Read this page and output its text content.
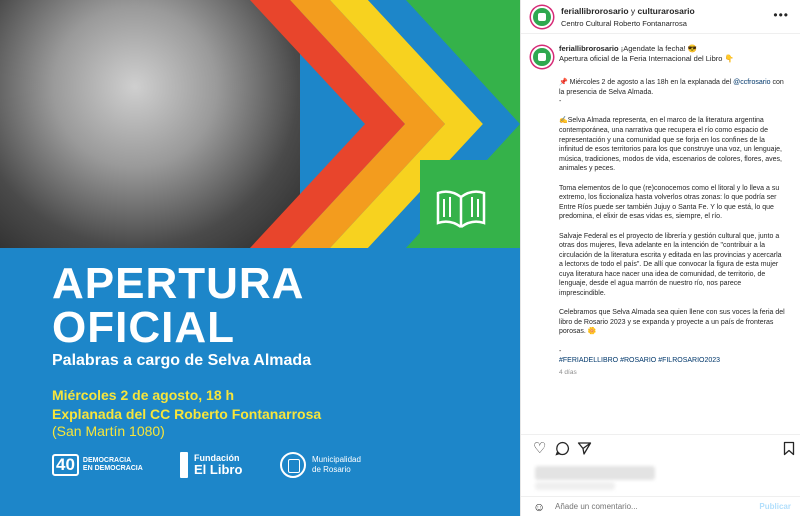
APERTURA
OFICIAL
Palabras a cargo de Selva Almada
Miércoles 2 de agosto, 18 h
Explanada del CC Roberto Fontanarrosa
(San Martín 1080)
40	DEMOCRACIA
EN DEMOCRACIA
Fundación
El Libro
Municipalidad
de Rosario
feriallibrorosario y culturarosario
Centro Cultural Roberto Fontanarrosa
•••
feriallibrorosario ¡Agendate la fecha! 😎
Apertura oficial de la Feria Internacional del Libro 👇

📌 Miércoles 2 de agosto a las 18h en la explanada del @ccfrosario con la presencia de Selva Almada.
-

✍️Selva Almada representa, en el marco de la literatura argentina contemporánea, una narrativa que recupera el río como espacio de representación y una comunidad que se forja en los confines de la infinitud de esos territorios para los que construye una voz, un lenguaje, música, tradiciones, modos de vida, escenarios de colores, flores, aves, animales y peces.

Toma elementos de lo que (re)conocemos como el litoral y lo lleva a su extremo, los ficcionaliza hasta volverlos otras zonas: lo que podría ser Entre Ríos puede ser también Jujuy o Santa Fe. Y lo que está, lo que predomina, el elixir de esas vidas es, siempre, el río.

Salvaje Federal es el proyecto de librería y gestión cultural que, junto a otras dos mujeres, lleva adelante en la intención de "contribuir a la circulación de la literatura escrita y editada en las provincias y acercarla a lectorxs de todo el país". De allí que convocar la figura de esta mujer cuya literatura hace nacer una idea de comunidad, de territorio, de lenguaje, desde el agua marrón de nuestro río, nos parece imprescindible.

Celebramos que Selva Almada sea quien llene con sus voces la feria del libro de Rosario 2023 y se expanda y proyecte a un país de fronteras porosas. 🌼

-
#FERIADELLIBRO #ROSARIO #FILROSARIO2023
4 días
♡
☺
Añade un comentario...	Publicar
